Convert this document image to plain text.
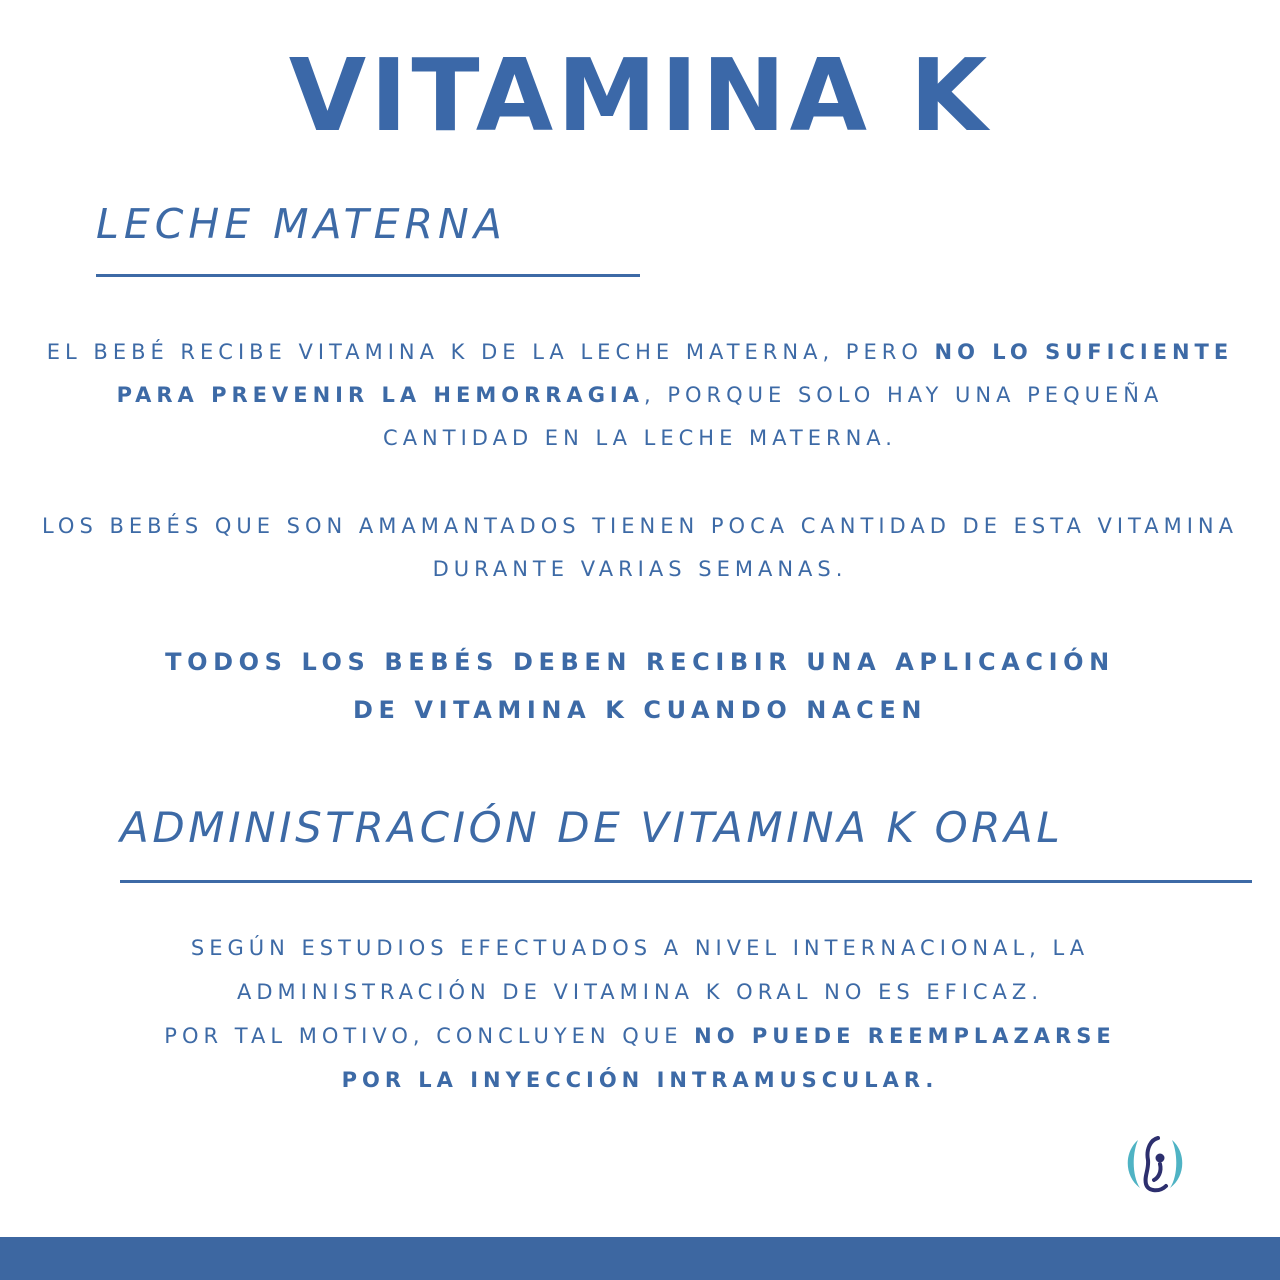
VITAMINA K
LECHE MATERNA

EL BEBÉ RECIBE VITAMINA K DE LA LECHE MATERNA, PERO NO LO SUFICIENTE PARA PREVENIR LA HEMORRAGIA, PORQUE SOLO HAY UNA PEQUEÑA CANTIDAD EN LA LECHE MATERNA.

LOS BEBÉS QUE SON AMAMANTADOS TIENEN POCA CANTIDAD DE ESTA VITAMINA DURANTE VARIAS SEMANAS.

TODOS LOS BEBÉS DEBEN RECIBIR UNA APLICACIÓN
DE VITAMINA K CUANDO NACEN

ADMINISTRACIÓN DE VITAMINA K ORAL

SEGÚN ESTUDIOS EFECTUADOS A NIVEL INTERNACIONAL, LA
ADMINISTRACIÓN DE VITAMINA K ORAL NO ES EFICAZ.
POR TAL MOTIVO, CONCLUYEN QUE NO PUEDE REEMPLAZARSE
POR LA INYECCIÓN INTRAMUSCULAR.
